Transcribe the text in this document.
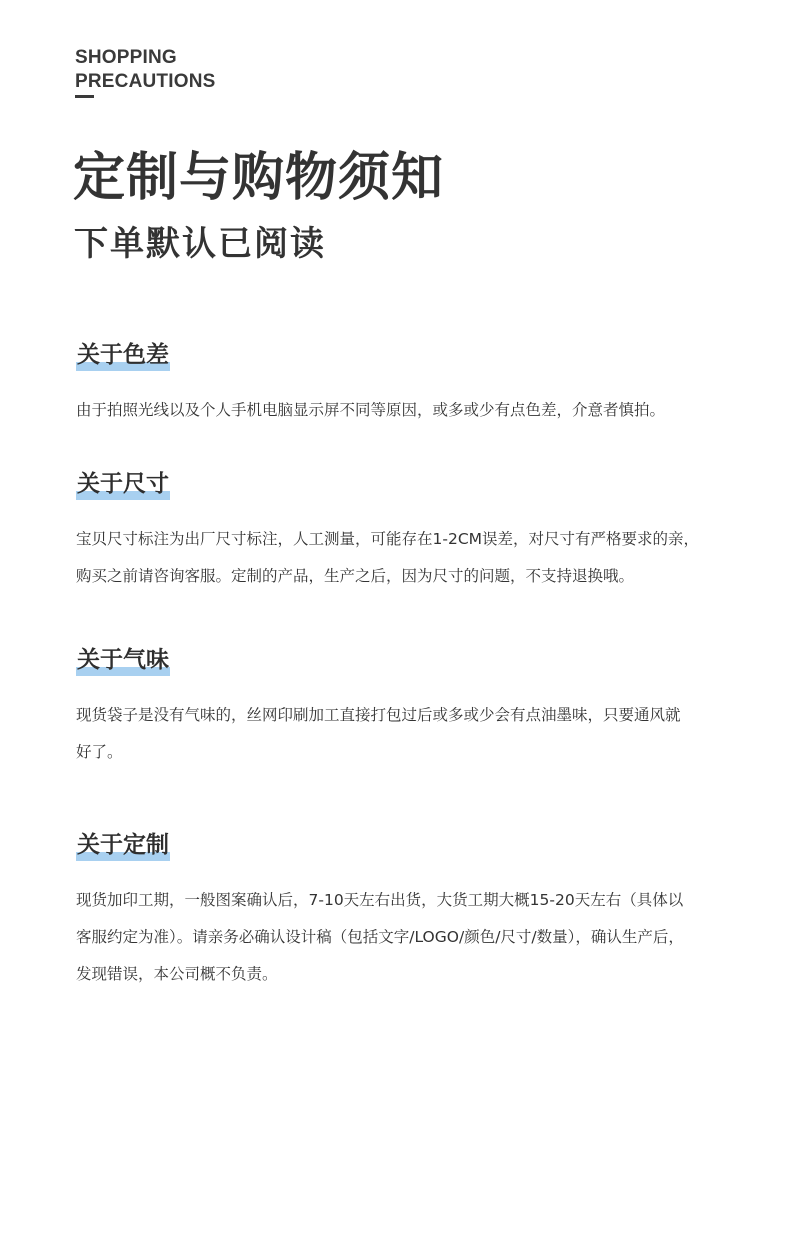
SHOPPING
PRECAUTIONS
定制与购物须知
下单默认已阅读
关于色差
由于拍照光线以及个人手机电脑显示屏不同等原因，或多或少有点色差，介意者慎拍。
关于尺寸
宝贝尺寸标注为出厂尺寸标注，人工测量，可能存在1-2CM误差，对尺寸有严格要求的亲，
购买之前请咨询客服。定制的产品，生产之后，因为尺寸的问题，不支持退换哦。
关于气味
现货袋子是没有气味的，丝网印刷加工直接打包过后或多或少会有点油墨味，只要通风就
好了。
关于定制
现货加印工期，一般图案确认后，7-10天左右出货，大货工期大概15-20天左右（具体以
客服约定为准）。请亲务必确认设计稿（包括文字/LOGO/颜色/尺寸/数量），确认生产后，
发现错误，本公司概不负责。
